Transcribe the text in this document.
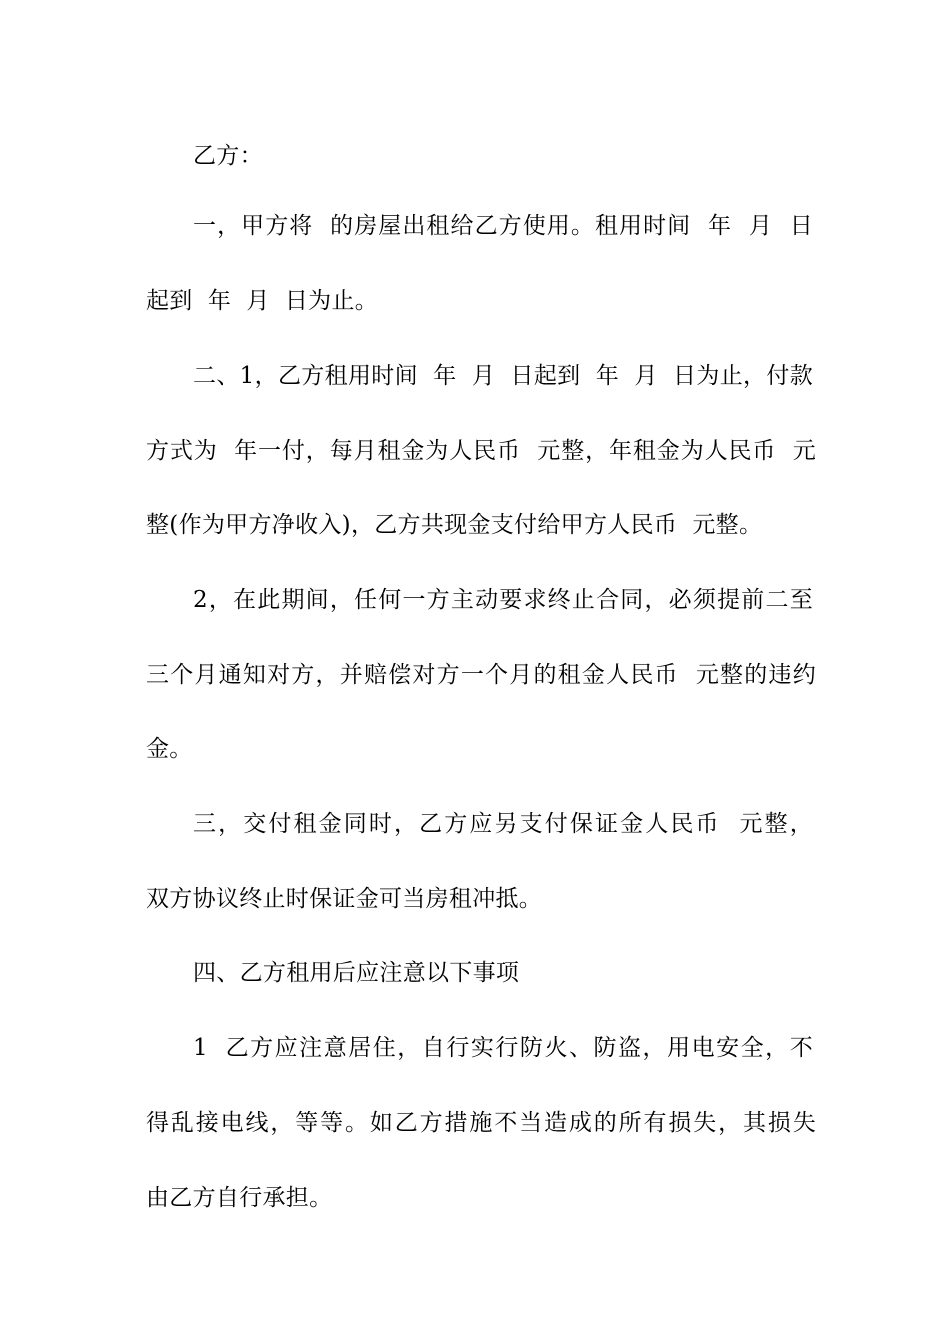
乙方：
一，甲方将  的房屋出租给乙方使用。租用时间  年  月  日
起到  年  月  日为止。
二、1，乙方租用时间  年  月  日起到  年  月  日为止，付款
方式为  年一付，每月租金为人民币  元整，年租金为人民币  元
整(作为甲方净收入)，乙方共现金支付给甲方人民币  元整。
2，在此期间，任何一方主动要求终止合同，必须提前二至
三个月通知对方，并赔偿对方一个月的租金人民币  元整的违约
金。
三，交付租金同时，乙方应另支付保证金人民币  元整，
双方协议终止时保证金可当房租冲抵。
四、乙方租用后应注意以下事项
1  乙方应注意居住，自行实行防火、防盗，用电安全，不
得乱接电线，等等。如乙方措施不当造成的所有损失，其损失
由乙方自行承担。
